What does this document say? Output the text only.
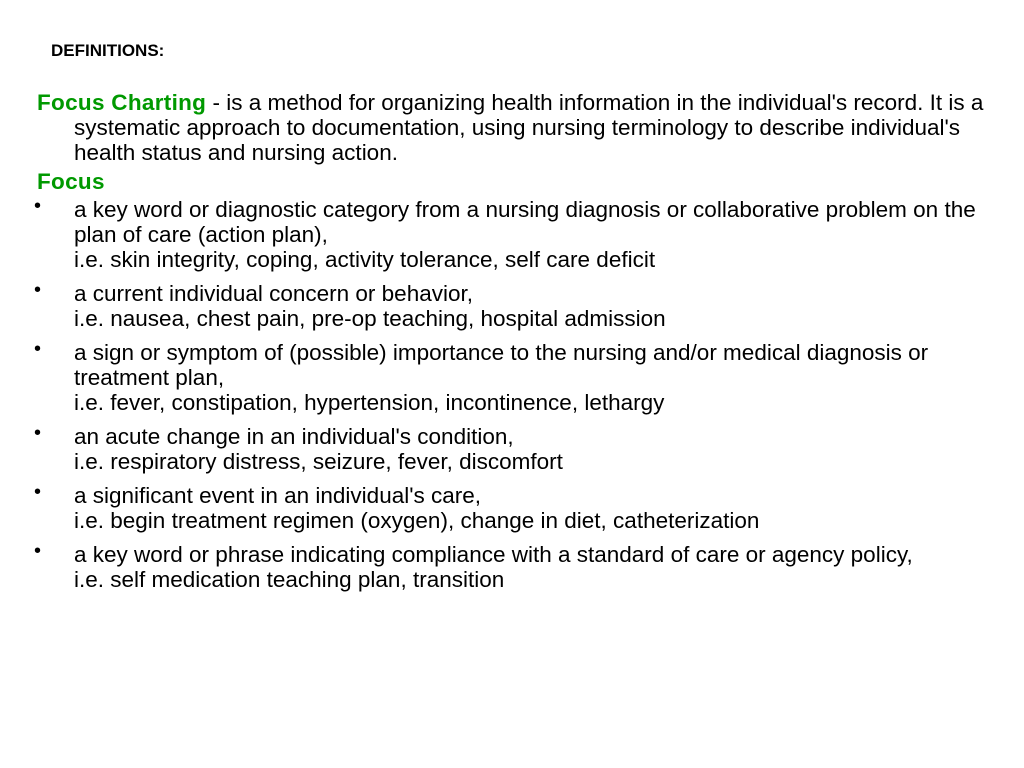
DEFINITIONS:

Focus Charting - is a method for organizing health information in the individual's record. It is a systematic approach to documentation, using nursing terminology to describe individual's health status and nursing action.

Focus

• a key word or diagnostic category from a nursing diagnosis or collaborative problem on the plan of care (action plan),
i.e. skin integrity, coping, activity tolerance, self care deficit
• a current individual concern or behavior,
i.e. nausea, chest pain, pre-op teaching, hospital admission
• a sign or symptom of (possible) importance to the nursing and/or medical diagnosis or treatment plan,
i.e. fever, constipation, hypertension, incontinence, lethargy
• an acute change in an individual's condition,
i.e. respiratory distress, seizure, fever, discomfort
• a significant event in an individual's care,
i.e. begin treatment regimen (oxygen), change in diet, catheterization
• a key word or phrase indicating compliance with a standard of care or agency policy,
i.e. self medication teaching plan, transition
